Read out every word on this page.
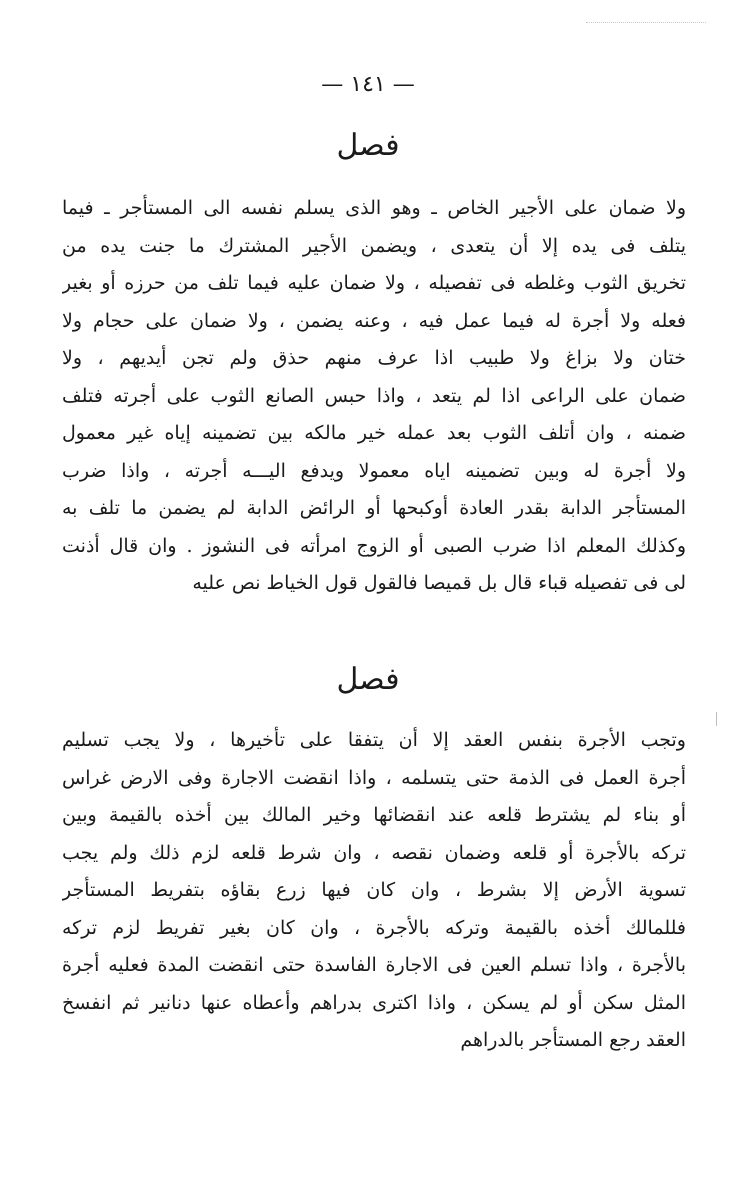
— ١٤١ —
فصل
ولا ضمان على الأجير الخاص ـ وهو الذى يسلم نفسه الى المستأجر ـ فيما
يتلف فى يده إلا أن يتعدى ، ويضمن الأجير المشترك ما جنت يده من
تخريق الثوب وغلطه فى تفصيله ، ولا ضمان عليه فيما تلف من حرزه أو بغير
فعله ولا أجرة له فيما عمل فيه ، وعنه يضمن ، ولا ضمان على حجام ولا
ختان ولا بزاغ ولا طبيب اذا عرف منهم حذق ولم تجن أيديهم ، ولا
ضمان على الراعى اذا لم يتعد ، واذا حبس الصانع الثوب على أجرته فتلف
ضمنه ، وان أتلف الثوب بعد عمله خير مالكه بين تضمينه إياه غير معمول
ولا أجرة له وبين تضمينه اياه معمولا ويدفع اليـــه أجرته ، واذا ضرب
المستأجر الدابة بقدر العادة أوكبحها أو الرائض الدابة لم يضمن ما تلف به
وكذلك المعلم اذا ضرب الصبى أو الزوج امرأته فى النشوز . وان قال أذنت
لى فى تفصيله قباء قال بل قميصا فالقول قول الخياط نص عليه
فصل
وتجب الأجرة بنفس العقد إلا أن يتفقا على تأخيرها ، ولا يجب تسليم
أجرة العمل فى الذمة حتى يتسلمه ، واذا انقضت الاجارة وفى الارض غراس
أو بناء لم يشترط قلعه عند انقضائها وخير المالك بين أخذه بالقيمة وبين
تركه بالأجرة أو قلعه وضمان نقصه ، وان شرط قلعه لزم ذلك ولم يجب
تسوية الأرض إلا بشرط ، وان كان فيها زرع بقاؤه بتفريط المستأجر
فللمالك أخذه بالقيمة وتركه بالأجرة ، وان كان بغير تفريط لزم تركه
بالأجرة ، واذا تسلم العين فى الاجارة الفاسدة حتى انقضت المدة فعليه أجرة
المثل سكن أو لم يسكن ، واذا اكترى بدراهم وأعطاه عنها دنانير ثم انفسخ
العقد رجع المستأجر بالدراهم
